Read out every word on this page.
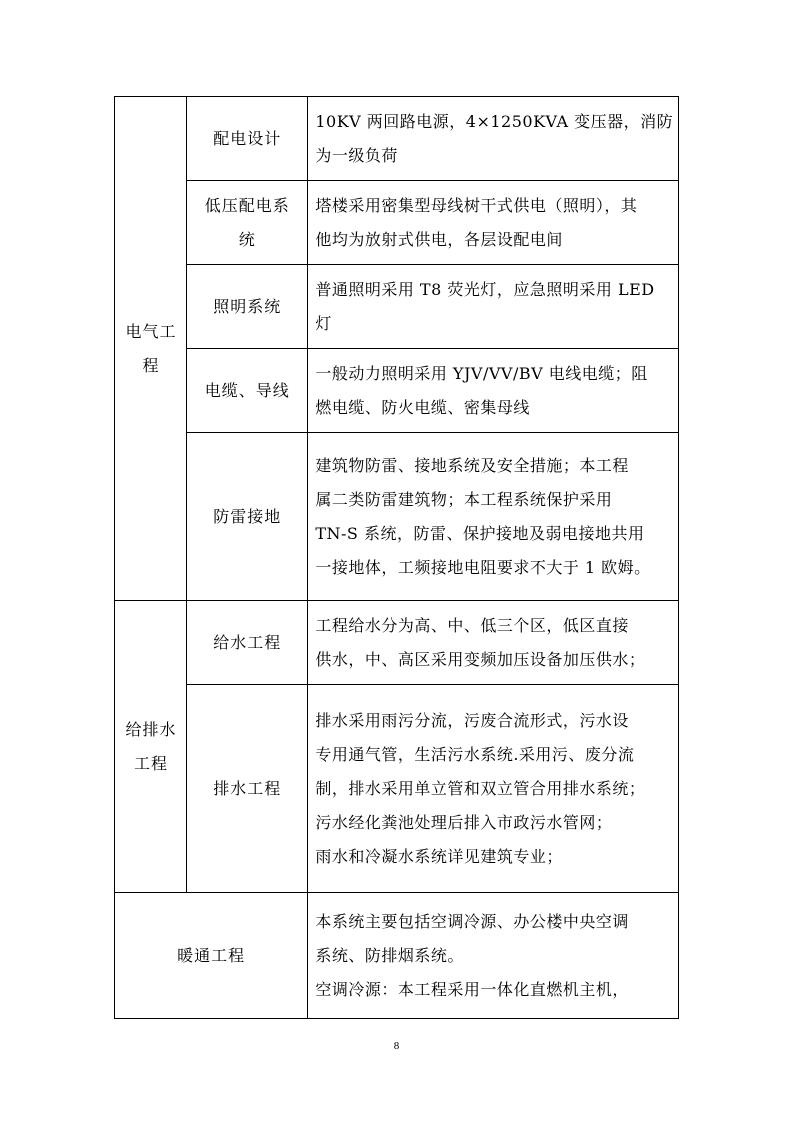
电气工程	配电设计	10KV 两回路电源，4×1250KVA 变压器，消防
为一级负荷

	低压配电系统	塔楼采用密集型母线树干式供电（照明），其
他均为放射式供电，各层设配电间

	照明系统	普通照明采用 T8 荧光灯，应急照明采用 LED
灯

	电缆、导线	一般动力照明采用 YJV/VV/BV 电线电缆；阻
燃电缆、防火电缆、密集母线

	防雷接地	建筑物防雷、接地系统及安全措施；本工程
属二类防雷建筑物；本工程系统保护采用
TN-S 系统，防雷、保护接地及弱电接地共用
一接地体，工频接地电阻要求不大于 1 欧姆。

给排水工程	给水工程	工程给水分为高、中、低三个区，低区直接
供水，中、高区采用变频加压设备加压供水；

	排水工程	排水采用雨污分流，污废合流形式，污水设
专用通气管，生活污水系统.采用污、废分流
制，排水采用单立管和双立管合用排水系统；
污水经化粪池处理后排入市政污水管网；
雨水和冷凝水系统详见建筑专业；

暖通工程		本系统主要包括空调冷源、办公楼中央空调
系统、防排烟系统。
空调冷源：本工程采用一体化直燃机主机，
8
